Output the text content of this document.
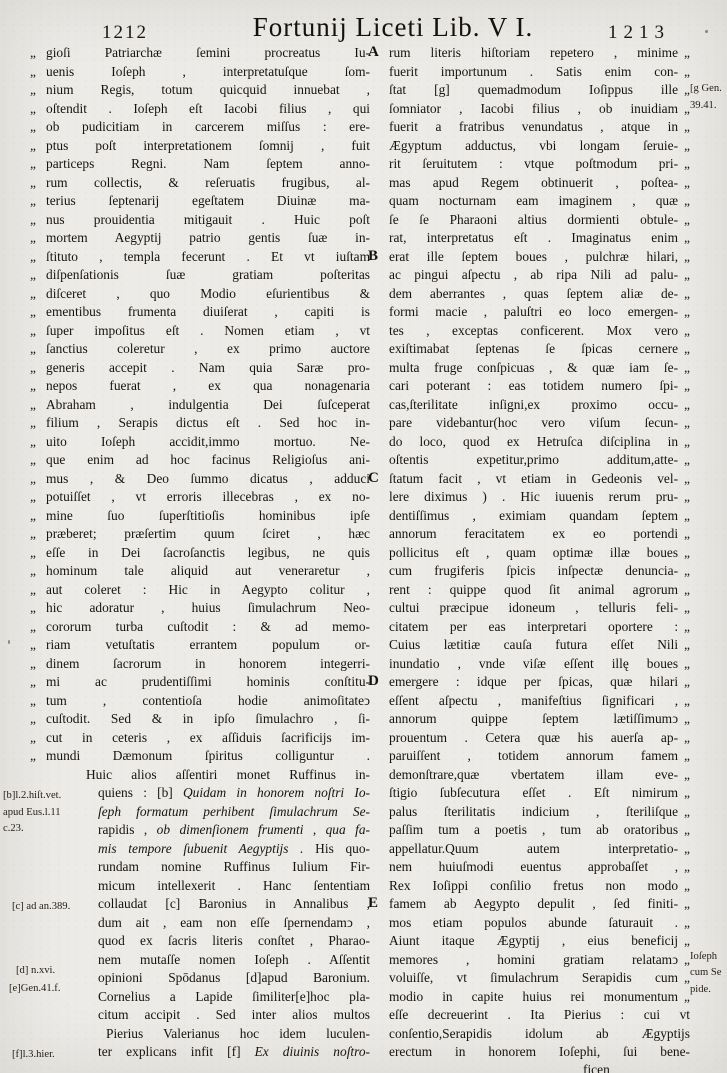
1212	Fortunij Liceti Lib. V I.	1213
„ gioſi Patriarchæ ſemini procreatus Iu-
„ uenis Ioſeph , interpretatuſque ſom-
„ nium Regis, totum quicquid innuebat ,
„ oſtendit . Ioſeph eſt Iacobi filius , qui
„ ob pudicitiam in carcerem miſſus : ere-
„ ptus poſt interpretationem ſomnij , fuit
„ particeps Regni. Nam ſeptem anno-
„ rum collectis, & reſeruatis frugibus, al-
„ terius ſeptenarij egeſtatem Diuinæ ma-
„ nus prouidentia mitigauit . Huic poſt
„ mortem Aegyptij patrio gentis ſuæ in-
„ ſtituto , templa fecerunt . Et vt iuſtam
„ diſpenſationis ſuæ gratiam poſteritas
„ diſceret , quo Modio eſurientibus &
„ ementibus frumenta diuiſerat , capiti is
„ ſuper impoſitus eſt . Nomen etiam , vt
„ ſanctius coleretur , ex primo auctore
„ generis accepit . Nam quia Saræ pro-
„ nepos fuerat , ex qua nonagenaria
„ Abraham , indulgentia Dei ſuſceperat
„ filium , Serapis dictus eſt . Sed hoc in-
„ uito Ioſeph accidit,immo mortuo. Ne-
„ que enim ad hoc facinus Religioſus ani-
„ mus , & Deo ſummo dicatus , adduci
„ potuiſſet , vt erroris illecebras , ex no-
„ mine ſuo ſuperſtitioſis hominibus ipſe
„ præberet; præſertim quum ſciret , hæc
„ eſſe in Dei ſacroſanctis legibus, ne quis
„ hominum tale aliquid aut veneraretur ,
„ aut coleret : Hic in Aegypto colitur ,
„ hic adoratur , huius ſimulachrum Neo-
„ cororum turba cuſtodit : & ad memo-
„ riam vetuſtatis errantem populum or-
„ dinem ſacrorum in honorem integerri-
„ mi ac prudentiſſimi hominis conſtitu-
„ tum , contentioſa hodie animoſitateↄ
„ cuſtodit. Sed & in ipſo ſimulachro , ſi-
„ cut in ceteris , ex aſſiduis ſacrificijs im-
„ mundi Dæmonum ſpiritus colliguntur .
Huic alios aſſentiri monet Ruffinus in-
quiens : [b] Quidam in honorem noſtri Io-
ſeph formatum perhibent ſimulachrum Se-
rapidis , ob dimenſionem frumenti , qua fa-
mis tempore ſubuenit Aegyptijs . His quo-
rundam nomine Ruffinus Iulium Fir-
micum intellexerit . Hanc ſententiam
collaudat [c] Baronius in Annalibus ,
dum ait , eam non eſſe ſpernendamↄ ,
quod ex ſacris literis conſtet , Pharao-
nem mutaſſe nomen Ioſeph . Aſſentit
opinioni Spōdanus [d]apud Baronium.
Cornelius a Lapide ſimiliter[e]hoc pla-
citum accipit . Sed inter alios multos
Pierius Valerianus hoc idem luculen-
ter explicans infit [f] Ex diuinis noſtro-
A rum literis hiſtoriam repetero , minime„
fuerit importunum . Satis enim con-„
ſtat [g] quemadmodum Ioſippus ille„
ſomniator , Iacobi filius , ob inuidiam„
fuerit a fratribus venundatus , atque in„
Ægyptum adductus, vbi longam ſeruie-„
rit ſeruitutem : vtque poſtmodum pri-„
mas apud Regem obtinuerit , poſtea-„
quam nocturnam eam imaginem , quæ„
ſe ſe Pharaoni altius dormienti obtule-„
rat, interpretatus eſt . Imaginatus enim„
B erat ille ſeptem boues , pulchræ hilari,„
ac pingui aſpectu , ab ripa Nili ad palu-„
dem aberrantes , quas ſeptem aliæ de-„
formi macie , paluſtri eo loco emergen-„
tes , exceptas conficerent. Mox vero„
exiſtimabat ſeptenas ſe ſpicas cernere„
multa fruge conſpicuas , & quæ iam ſe-„
cari poterant : eas totidem numero ſpi-„
cas,ſterilitate inſigni,ex proximo occu-„
pare videbantur(hoc vero viſum ſecun-„
do loco, quod ex Hetruſca diſciplina in„
oſtentis expetitur,primo additum,atte-„
C ſtatum facit , vt etiam in Gedeonis vel-„
lere diximus ) . Hic iuuenis rerum pru-„
dentiſſimus , eximiam quandam ſeptem„
annorum feracitatem ex eo portendi„
pollicitus eſt , quam optimæ illæ boues„
cum frugiferis ſpicis inſpectæ denuncia-„
rent : quippe quod ſit animal agrorum„
cultui præcipue idoneum , telluris feli-„
citatem per eas interpretari oportere :„
Cuius lætitiæ cauſa futura eſſet Nili„
inundatio , vnde viſæ eſſent illę boues„
D emergere : idque per ſpicas, quæ hilari„
eſſent aſpectu , manifeſtius ſignificari ,„
annorum quippe ſeptem lætiſſimumↄ„
prouentum . Cetera quæ his auerſa ap-„
paruiſſent , totidem annorum famem„
demonſtrare,quæ vbertatem illam eve-„
ſtigio ſubſecutura eſſet . Eſt nimirum„
palus ſterilitatis indicium , ſteriliſque„
paſſim tum a poetis , tum ab oratoribus„
appellatur.Quum autem interpretatio-„
nem huiuſmodi euentus approbaſſet ,„
Rex Ioſippi conſilio fretus non modo„
E famem ab Aegypto depulit , ſed finiti-„
mos etiam populos abunde ſaturauit .„
Aiunt itaque Ægyptij , eius beneficij„
memores , homini gratiam relatamↄ„
voluiſſe, vt ſimulachrum Serapidis cum„
modio in capite huius rei monumentum„
eſſe decreuerint . Ita Pierius : cui vt
conſentio,Serapidis idolum ab Ægyptijs
erectum in honorem Ioſephi, ſui bene-
[b]l.2.hiſt.vet.
apud Eus.l.11
c.23.
[c] ad an.389.
[d] n.xvi.
[e]Gen.41.f.
[f]l.3.hier.
[g Gen.
39.41.
Ioſeph
cum Se
pide.
ficen
